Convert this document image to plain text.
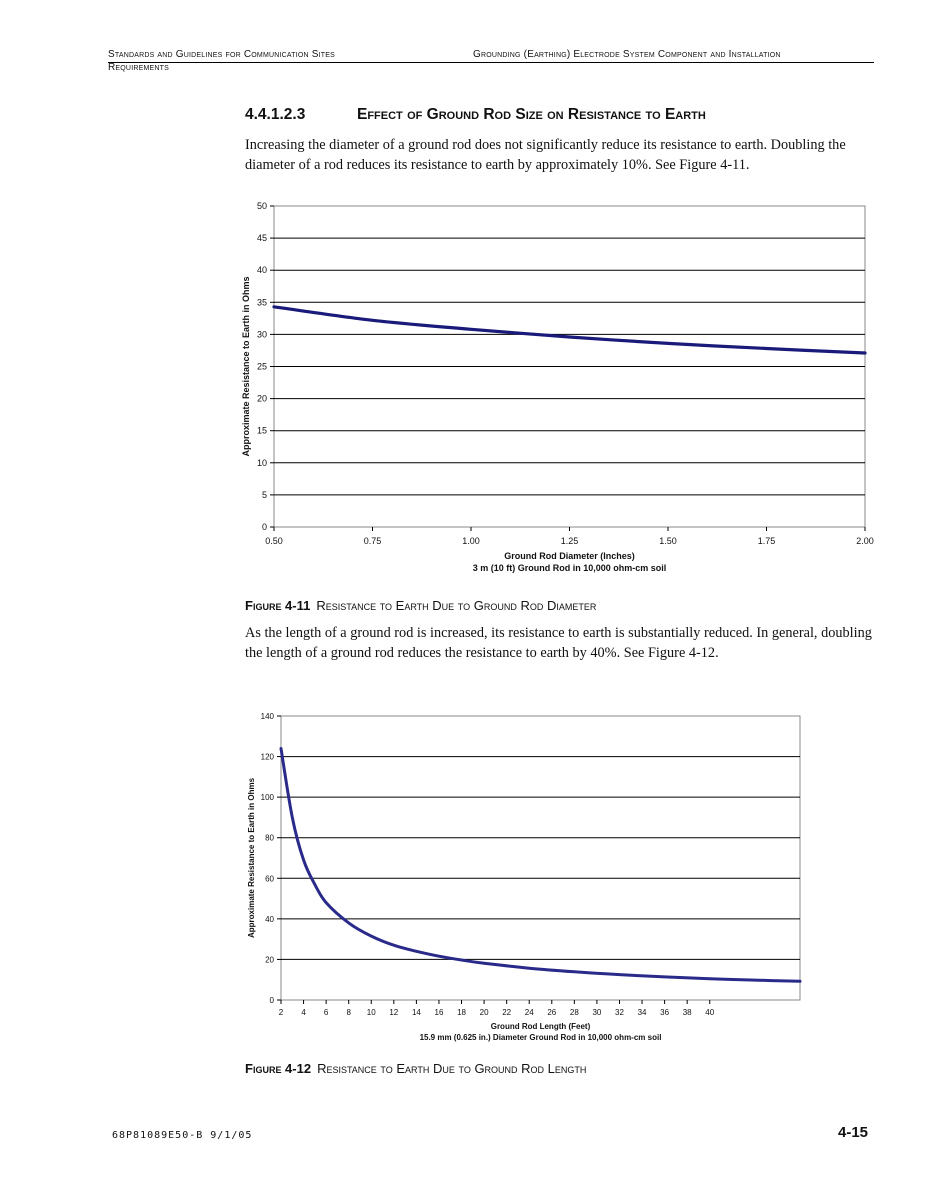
Standards and Guidelines for Communication Sites
Requirements
Grounding (Earthing) Electrode System Component and Installation
4.4.1.2.3	Effect of Ground Rod Size on Resistance to Earth

Increasing the diameter of a ground rod does not significantly reduce its resistance to earth. Doubling the diameter of a rod reduces its resistance to earth by approximately 10%. See Figure 4-11.

0
5
10
15
20
25
30
35
40
45
50
0.50	0.75	1.00	1.25	1.50	1.75	2.00
Ground Rod Diameter (Inches)
3 m (10 ft) Ground Rod in 10,000 ohm-cm soil
Approximate Resistance to Earth in Ohms
Figure 4-11 Resistance to Earth Due to Ground Rod Diameter

As the length of a ground rod is increased, its resistance to earth is substantially reduced. In general, doubling the length of a ground rod reduces the resistance to earth by 40%. See Figure 4-12.

0
20
40
60
80
100
120
140
2 4 6 8 10 12 14 16 18 20 22 24 26 28 30 32 34 36 38 40
Ground Rod Length (Feet)
15.9 mm (0.625 in.) Diameter Ground Rod in 10,000 ohm-cm soil
Approximate Resistance to Earth in Ohms
Figure 4-12 Resistance to Earth Due to Ground Rod Length
68P81089E50-B 9/1/05	4-15
